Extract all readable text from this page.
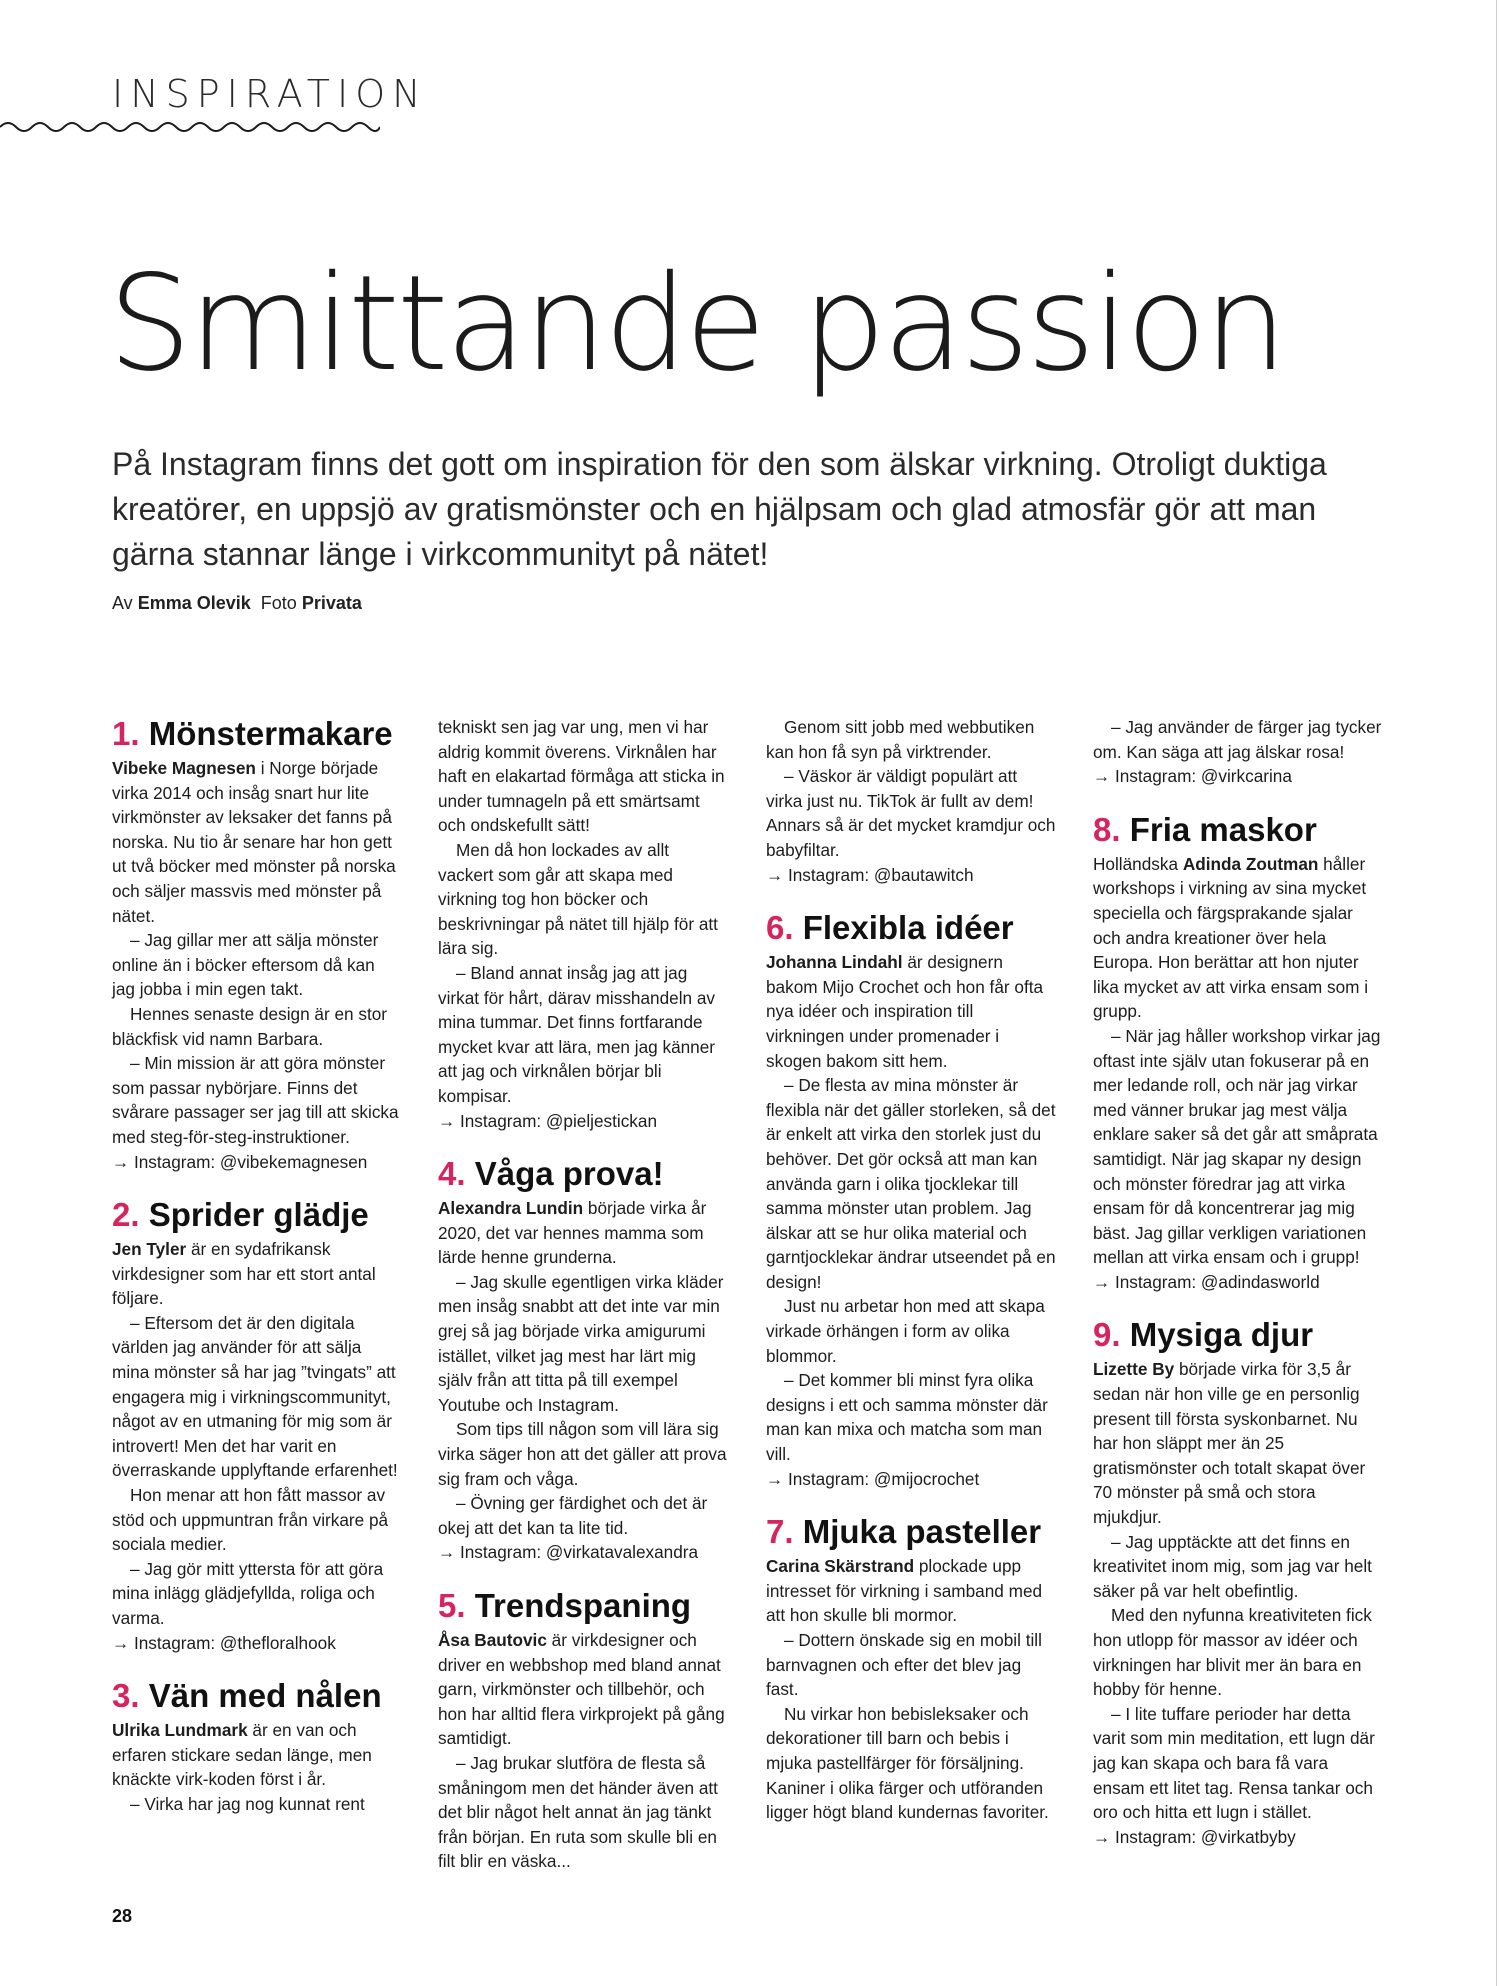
INSPIRATION
Smittande passion

På Instagram finns det gott om inspiration för den som älskar virkning. Otroligt duktiga kreatörer, en uppsjö av gratismönster och en hjälpsam och glad atmosfär gör att man gärna stannar länge i virkcommunityt på nätet!

Av Emma Olevik Foto Privata
1. Mönstermakare

Vibeke Magnesen i Norge började virka 2014 och insåg snart hur lite virkmönster av leksaker det fanns på norska. Nu tio år senare har hon gett ut två böcker med mönster på norska och säljer massvis med mönster på nätet.

– Jag gillar mer att sälja mönster online än i böcker eftersom då kan jag jobba i min egen takt.

Hennes senaste design är en stor bläckfisk vid namn Barbara.

– Min mission är att göra mönster som passar nybörjare. Finns det svårare passager ser jag till att skicka med steg-för-steg-instruktioner.

→ Instagram: @vibekemagnesen

2. Sprider glädje

Jen Tyler är en sydafrikansk virkdesigner som har ett stort antal följare.

– Eftersom det är den digitala världen jag använder för att sälja mina mönster så har jag ”tvingats” att engagera mig i virkningscommunityt, något av en utmaning för mig som är introvert! Men det har varit en överraskande upplyftande erfarenhet!

Hon menar att hon fått massor av stöd och uppmuntran från virkare på sociala medier.

– Jag gör mitt yttersta för att göra mina inlägg glädjefyllda, roliga och varma.

→ Instagram: @thefloralhook

3. Vän med nålen

Ulrika Lundmark är en van och erfaren stickare sedan länge, men knäckte virk-koden först i år.

– Virka har jag nog kunnat rent

tekniskt sen jag var ung, men vi har aldrig kommit överens. Virknålen har haft en elakartad förmåga att sticka in under tumnageln på ett smärtsamt och ondskefullt sätt!

Men då hon lockades av allt vackert som går att skapa med virkning tog hon böcker och beskrivningar på nätet till hjälp för att lära sig.

– Bland annat insåg jag att jag virkat för hårt, därav misshandeln av mina tummar. Det finns fortfarande mycket kvar att lära, men jag känner att jag och virknålen börjar bli kompisar.

→ Instagram: @pieljestickan

4. Våga prova!

Alexandra Lundin började virka år 2020, det var hennes mamma som lärde henne grunderna.

– Jag skulle egentligen virka kläder men insåg snabbt att det inte var min grej så jag började virka amigurumi istället, vilket jag mest har lärt mig själv från att titta på till exempel Youtube och Instagram.

Som tips till någon som vill lära sig virka säger hon att det gäller att prova sig fram och våga.

– Övning ger färdighet och det är okej att det kan ta lite tid.

→ Instagram: @virkatavalexandra

5. Trendspaning

Åsa Bautovic är virkdesigner och driver en webbshop med bland annat garn, virkmönster och tillbehör, och hon har alltid flera virkprojekt på gång samtidigt.

– Jag brukar slutföra de flesta så småningom men det händer även att det blir något helt annat än jag tänkt från början. En ruta som skulle bli en filt blir en väska...

Genom sitt jobb med webbutiken kan hon få syn på virktrender.

– Väskor är väldigt populärt att virka just nu. TikTok är fullt av dem! Annars så är det mycket kramdjur och babyfiltar.

→ Instagram: @bautawitch

6. Flexibla idéer

Johanna Lindahl är designern bakom Mijo Crochet och hon får ofta nya idéer och inspiration till virkningen under promenader i skogen bakom sitt hem.

– De flesta av mina mönster är flexibla när det gäller storleken, så det är enkelt att virka den storlek just du behöver. Det gör också att man kan använda garn i olika tjocklekar till samma mönster utan problem. Jag älskar att se hur olika material och garntjocklekar ändrar utseendet på en design!

Just nu arbetar hon med att skapa virkade örhängen i form av olika blommor.

– Det kommer bli minst fyra olika designs i ett och samma mönster där man kan mixa och matcha som man vill.

→ Instagram: @mijocrochet

7. Mjuka pasteller

Carina Skärstrand plockade upp intresset för virkning i samband med att hon skulle bli mormor.

– Dottern önskade sig en mobil till barnvagnen och efter det blev jag fast.

Nu virkar hon bebisleksaker och dekorationer till barn och bebis i mjuka pastellfärger för försäljning. Kaniner i olika färger och utföranden ligger högt bland kundernas favoriter.

– Jag använder de färger jag tycker om. Kan säga att jag älskar rosa!

→ Instagram: @virkcarina

8. Fria maskor

Holländska Adinda Zoutman håller workshops i virkning av sina mycket speciella och färgsprakande sjalar och andra kreationer över hela Europa. Hon berättar att hon njuter lika mycket av att virka ensam som i grupp.

– När jag håller workshop virkar jag oftast inte själv utan fokuserar på en mer ledande roll, och när jag virkar med vänner brukar jag mest välja enklare saker så det går att småprata samtidigt. När jag skapar ny design och mönster föredrar jag att virka ensam för då koncentrerar jag mig bäst. Jag gillar verkligen variationen mellan att virka ensam och i grupp!

→ Instagram: @adindasworld

9. Mysiga djur

Lizette By började virka för 3,5 år sedan när hon ville ge en personlig present till första syskonbarnet. Nu har hon släppt mer än 25 gratismönster och totalt skapat över 70 mönster på små och stora mjukdjur.

– Jag upptäckte att det finns en kreativitet inom mig, som jag var helt säker på var helt obefintlig.

Med den nyfunna kreativiteten fick hon utlopp för massor av idéer och virkningen har blivit mer än bara en hobby för henne.

– I lite tuffare perioder har detta varit som min meditation, ett lugn där jag kan skapa och bara få vara ensam ett litet tag. Rensa tankar och oro och hitta ett lugn i stället.

→ Instagram: @virkatbyby

28
